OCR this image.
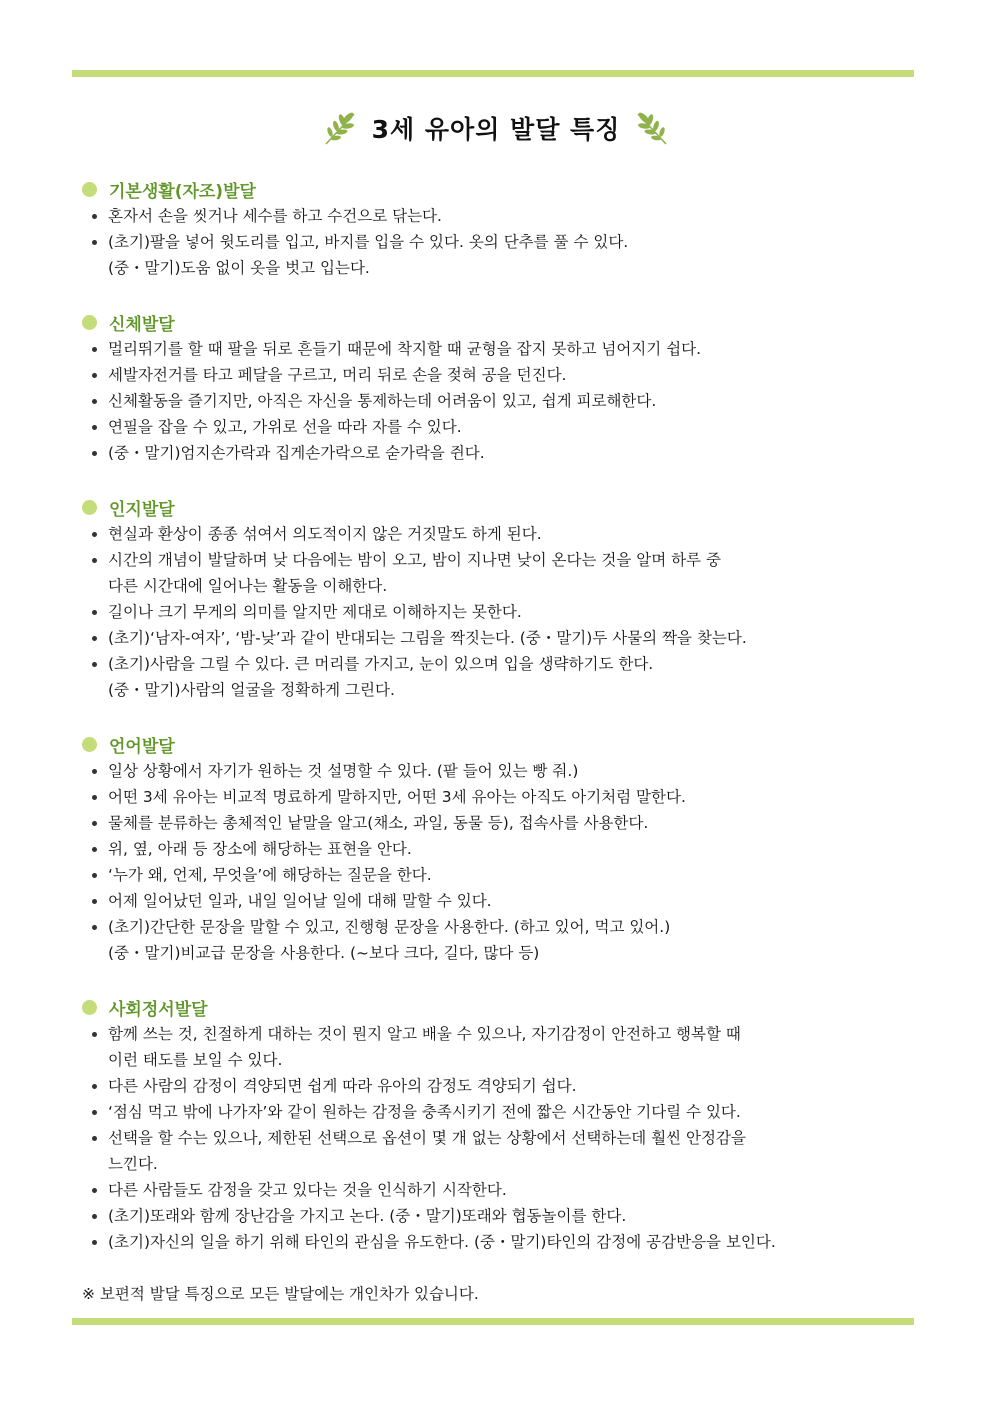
3세 유아의 발달 특징
기본생활(자조)발달
혼자서 손을 씻거나 세수를 하고 수건으로 닦는다.
(초기)팔을 넣어 윗도리를 입고, 바지를 입을 수 있다. 옷의 단추를 풀 수 있다.
(중・말기)도움 없이 옷을 벗고 입는다.
신체발달
멀리뛰기를 할 때 팔을 뒤로 흔들기 때문에 착지할 때 균형을 잡지 못하고 넘어지기 쉽다.
세발자전거를 타고 페달을 구르고, 머리 뒤로 손을 젖혀 공을 던진다.
신체활동을 즐기지만, 아직은 자신을 통제하는데 어려움이 있고, 쉽게 피로해한다.
연필을 잡을 수 있고, 가위로 선을 따라 자를 수 있다.
(중・말기)엄지손가락과 집게손가락으로 숟가락을 쥔다.
인지발달
현실과 환상이 종종 섞여서 의도적이지 않은 거짓말도 하게 된다.
시간의 개념이 발달하며 낮 다음에는 밤이 오고, 밤이 지나면 낮이 온다는 것을 알며 하루 중
다른 시간대에 일어나는 활동을 이해한다.
길이나 크기 무게의 의미를 알지만 제대로 이해하지는 못한다.
(초기)‘남자-여자’, ‘밤-낮’과 같이 반대되는 그림을 짝짓는다. (중・말기)두 사물의 짝을 찾는다.
(초기)사람을 그릴 수 있다. 큰 머리를 가지고, 눈이 있으며 입을 생략하기도 한다.
(중・말기)사람의 얼굴을 정확하게 그린다.
언어발달
일상 상황에서 자기가 원하는 것 설명할 수 있다. (팥 들어 있는 빵 줘.)
어떤 3세 유아는 비교적 명료하게 말하지만, 어떤 3세 유아는 아직도 아기처럼 말한다.
물체를 분류하는 총체적인 낱말을 알고(채소, 과일, 동물 등), 접속사를 사용한다.
위, 옆, 아래 등 장소에 해당하는 표현을 안다.
‘누가 왜, 언제, 무엇을’에 해당하는 질문을 한다.
어제 일어났던 일과, 내일 일어날 일에 대해 말할 수 있다.
(초기)간단한 문장을 말할 수 있고, 진행형 문장을 사용한다. (하고 있어, 먹고 있어.)
(중・말기)비교급 문장을 사용한다. (~보다 크다, 길다, 많다 등)
사회정서발달
함께 쓰는 것, 친절하게 대하는 것이 뭔지 알고 배울 수 있으나, 자기감정이 안전하고 행복할 때
이런 태도를 보일 수 있다.
다른 사람의 감정이 격양되면 쉽게 따라 유아의 감정도 격양되기 쉽다.
‘점심 먹고 밖에 나가자’와 같이 원하는 감정을 충족시키기 전에 짧은 시간동안 기다릴 수 있다.
선택을 할 수는 있으나, 제한된 선택으로 옵션이 몇 개 없는 상황에서 선택하는데 훨씬 안정감을
느낀다.
다른 사람들도 감정을 갖고 있다는 것을 인식하기 시작한다.
(초기)또래와 함께 장난감을 가지고 논다. (중・말기)또래와 협동놀이를 한다.
(초기)자신의 일을 하기 위해 타인의 관심을 유도한다. (중・말기)타인의 감정에 공감반응을 보인다.
※ 보편적 발달 특징으로 모든 발달에는 개인차가 있습니다.
